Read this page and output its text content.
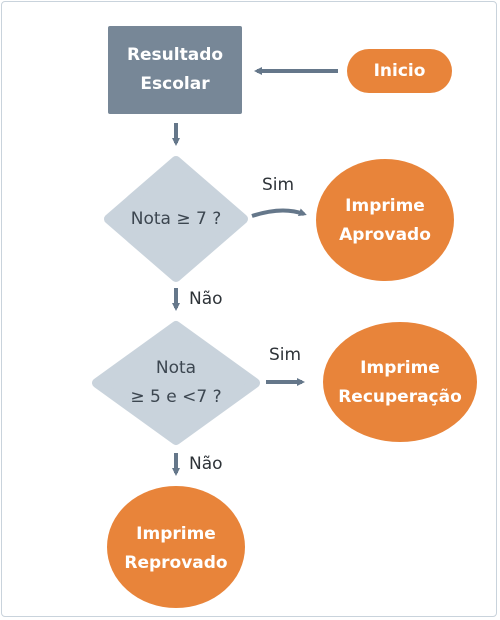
Resultado
Escolar
Inicio
Nota ≥ 7 ?
Imprime
Aprovado
Nota
≥ 5 e <7 ?
Imprime
Recuperação
Imprime
Reprovado
Sim
Não
Sim
Não
